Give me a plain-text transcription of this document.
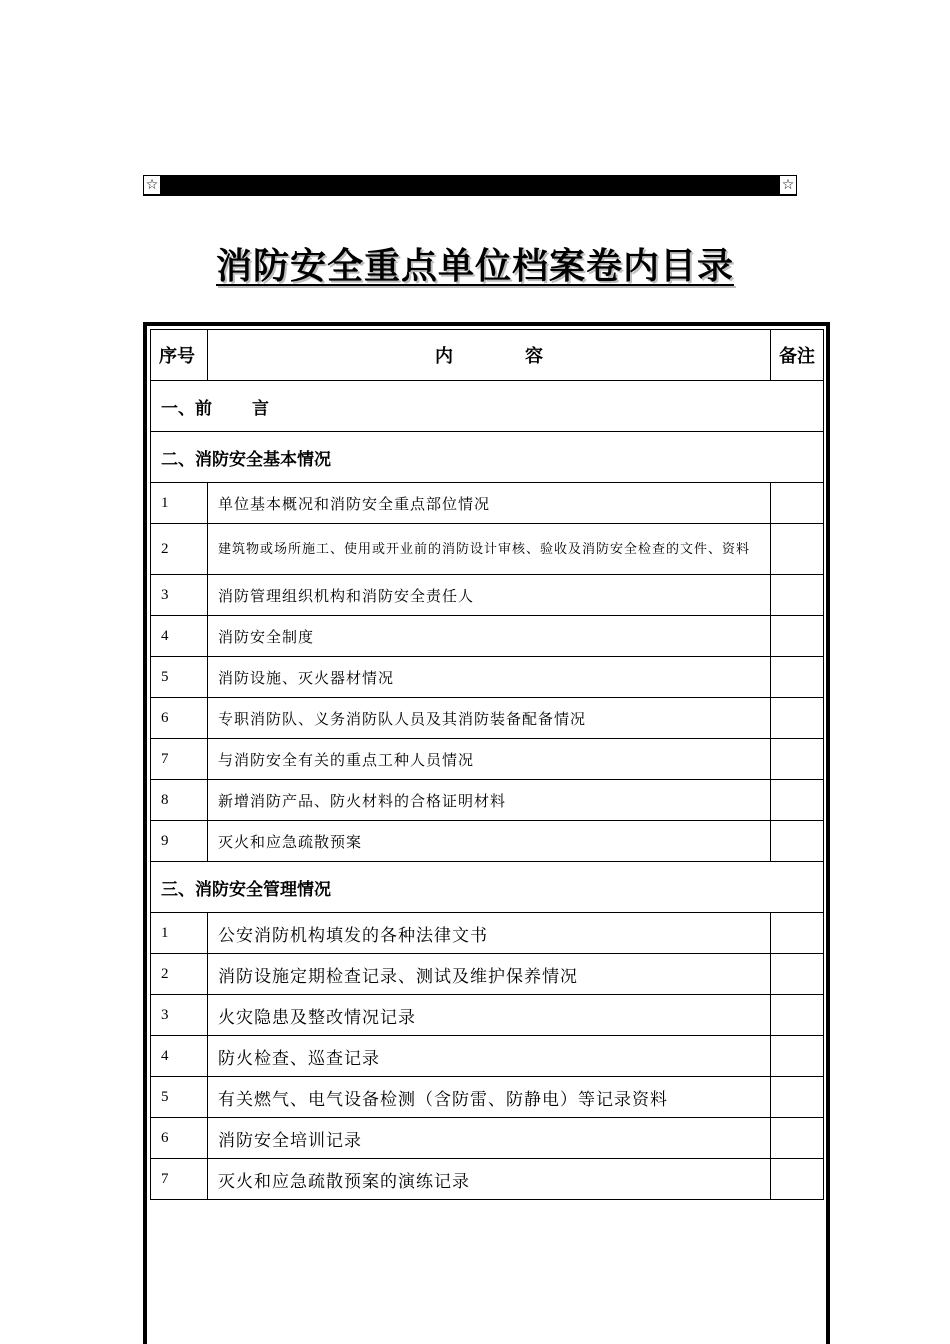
☆	☆
消防安全重点单位档案卷内目录
序号	内 容	备注
一、前 言		
二、消防安全基本情况		
1	单位基本概况和消防安全重点部位情况	
2	建筑物或场所施工、使用或开业前的消防设计审核、验收及消防安全检查的文件、资料	
3	消防管理组织机构和消防安全责任人	
4	消防安全制度	
5	消防设施、灭火器材情况	
6	专职消防队、义务消防队人员及其消防装备配备情况	
7	与消防安全有关的重点工种人员情况	
8	新增消防产品、防火材料的合格证明材料	
9	灭火和应急疏散预案	
三、消防安全管理情况		
1	公安消防机构填发的各种法律文书	
2	消防设施定期检查记录、测试及维护保养情况	
3	火灾隐患及整改情况记录	
4	防火检查、巡查记录	
5	有关燃气、电气设备检测（含防雷、防静电）等记录资料	
6	消防安全培训记录	
7	灭火和应急疏散预案的演练记录	
